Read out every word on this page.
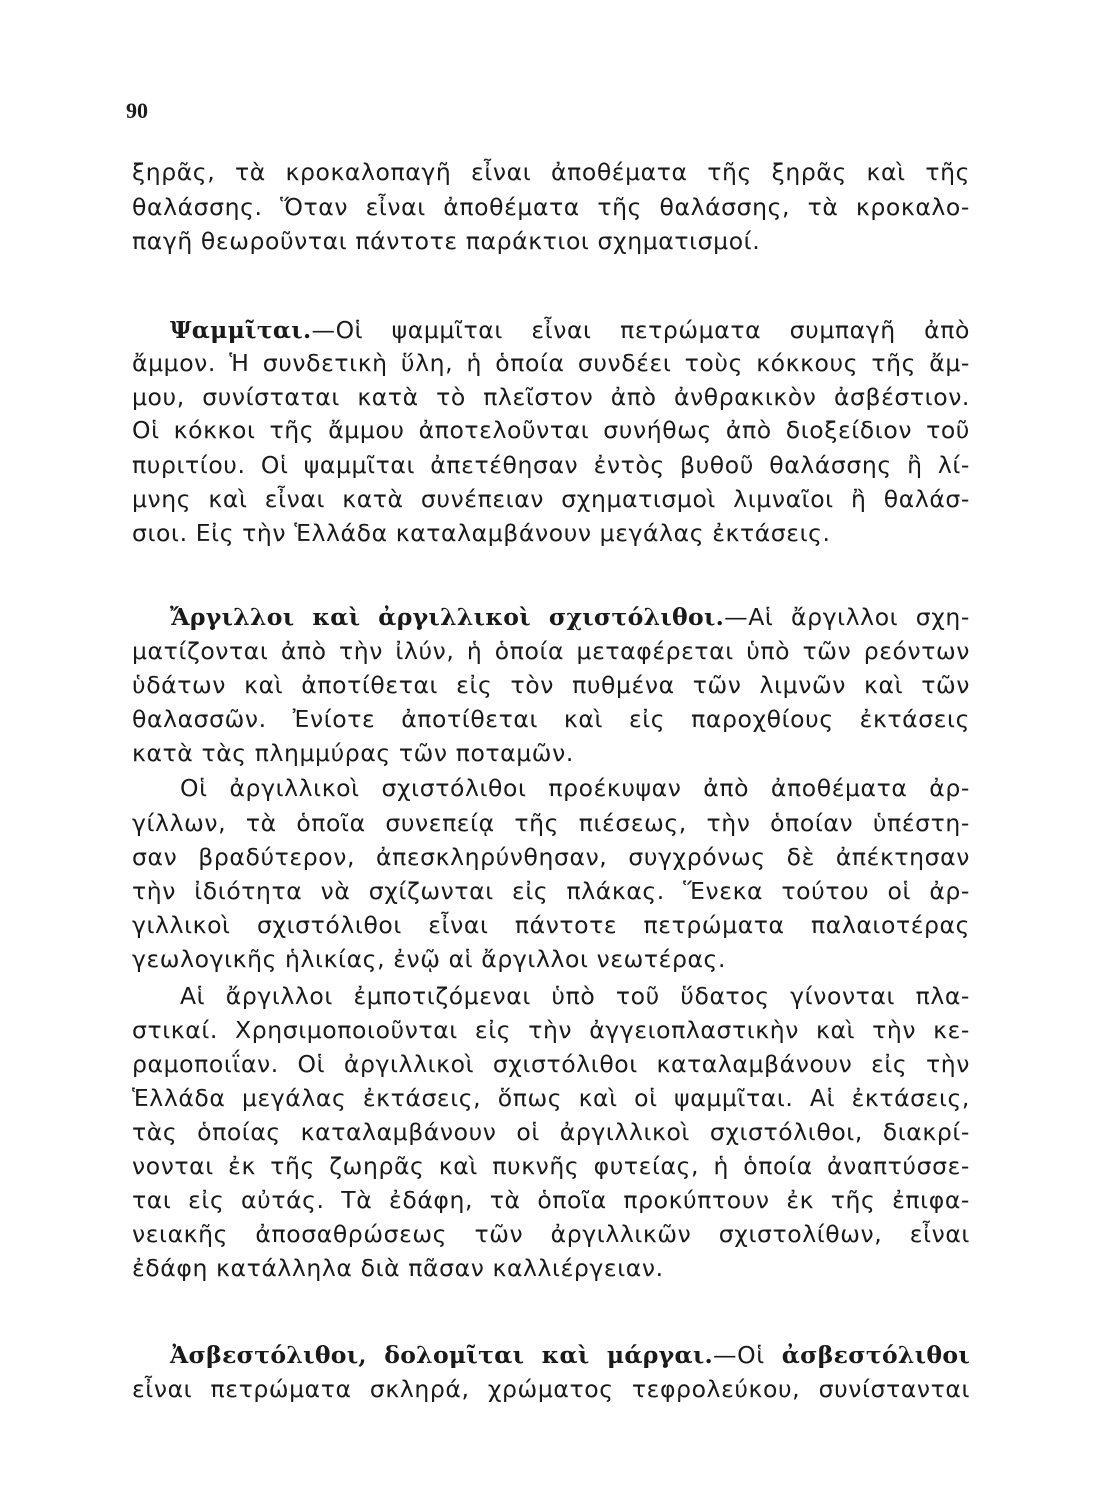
90
ξηρᾶς, τὰ κροκαλοπαγῆ εἶναι ἀποθέματα τῆς ξηρᾶς καὶ τῆς
θαλάσσης. Ὅταν εἶναι ἀποθέματα τῆς θαλάσσης, τὰ κροκαλο-
παγῆ θεωροῦνται πάντοτε παράκτιοι σχηματισμοί.
Ψαμμῖται.—Οἱ ψαμμῖται εἶναι πετρώματα συμπαγῆ ἀπὸ
ἄμμον. Ἡ συνδετικὴ ὕλη, ἡ ὁποία συνδέει τοὺς κόκκους τῆς ἄμ-
μου, συνίσταται κατὰ τὸ πλεῖστον ἀπὸ ἀνθρακικὸν ἀσβέστιον.
Οἱ κόκκοι τῆς ἄμμου ἀποτελοῦνται συνήθως ἀπὸ διοξείδιον τοῦ
πυριτίου. Οἱ ψαμμῖται ἀπετέθησαν ἐντὸς βυθοῦ θαλάσσης ἢ λί-
μνης καὶ εἶναι κατὰ συνέπειαν σχηματισμοὶ λιμναῖοι ἢ θαλάσ-
σιοι. Εἰς τὴν Ἑλλάδα καταλαμβάνουν μεγάλας ἐκτάσεις.
Ἄργιλλοι καὶ ἀργιλλικοὶ σχιστόλιθοι.—Αἱ ἄργιλλοι σχη-
ματίζονται ἀπὸ τὴν ἰλύν, ἡ ὁποία μεταφέρεται ὑπὸ τῶν ρεόντων
ὑδάτων καὶ ἀποτίθεται εἰς τὸν πυθμένα τῶν λιμνῶν καὶ τῶν
θαλασσῶν. Ἐνίοτε ἀποτίθεται καὶ εἰς παροχθίους ἐκτάσεις
κατὰ τὰς πλημμύρας τῶν ποταμῶν.
Οἱ ἀργιλλικοὶ σχιστόλιθοι προέκυψαν ἀπὸ ἀποθέματα ἀρ-
γίλλων, τὰ ὁποῖα συνεπείᾳ τῆς πιέσεως, τὴν ὁποίαν ὑπέστη-
σαν βραδύτερον, ἀπεσκληρύνθησαν, συγχρόνως δὲ ἀπέκτησαν
τὴν ἰδιότητα νὰ σχίζωνται εἰς πλάκας. Ἕνεκα τούτου οἱ ἀρ-
γιλλικοὶ σχιστόλιθοι εἶναι πάντοτε πετρώματα παλαιοτέρας
γεωλογικῆς ἡλικίας, ἐνῷ αἱ ἄργιλλοι νεωτέρας.
Αἱ ἄργιλλοι ἐμποτιζόμεναι ὑπὸ τοῦ ὕδατος γίνονται πλα-
στικαί. Χρησιμοποιοῦνται εἰς τὴν ἀγγειοπλαστικὴν καὶ τὴν κε-
ραμοποιΐαν. Οἱ ἀργιλλικοὶ σχιστόλιθοι καταλαμβάνουν εἰς τὴν
Ἑλλάδα μεγάλας ἐκτάσεις, ὅπως καὶ οἱ ψαμμῖται. Αἱ ἐκτάσεις,
τὰς ὁποίας καταλαμβάνουν οἱ ἀργιλλικοὶ σχιστόλιθοι, διακρί-
νονται ἐκ τῆς ζωηρᾶς καὶ πυκνῆς φυτείας, ἡ ὁποία ἀναπτύσσε-
ται εἰς αὐτάς. Τὰ ἐδάφη, τὰ ὁποῖα προκύπτουν ἐκ τῆς ἐπιφα-
νειακῆς ἀποσαθρώσεως τῶν ἀργιλλικῶν σχιστολίθων, εἶναι
ἐδάφη κατάλληλα διὰ πᾶσαν καλλιέργειαν.
Ἀσβεστόλιθοι, δολομῖται καὶ μάργαι.—Οἱ ἀσβεστόλιθοι
εἶναι πετρώματα σκληρά, χρώματος τεφρολεύκου, συνίστανται
